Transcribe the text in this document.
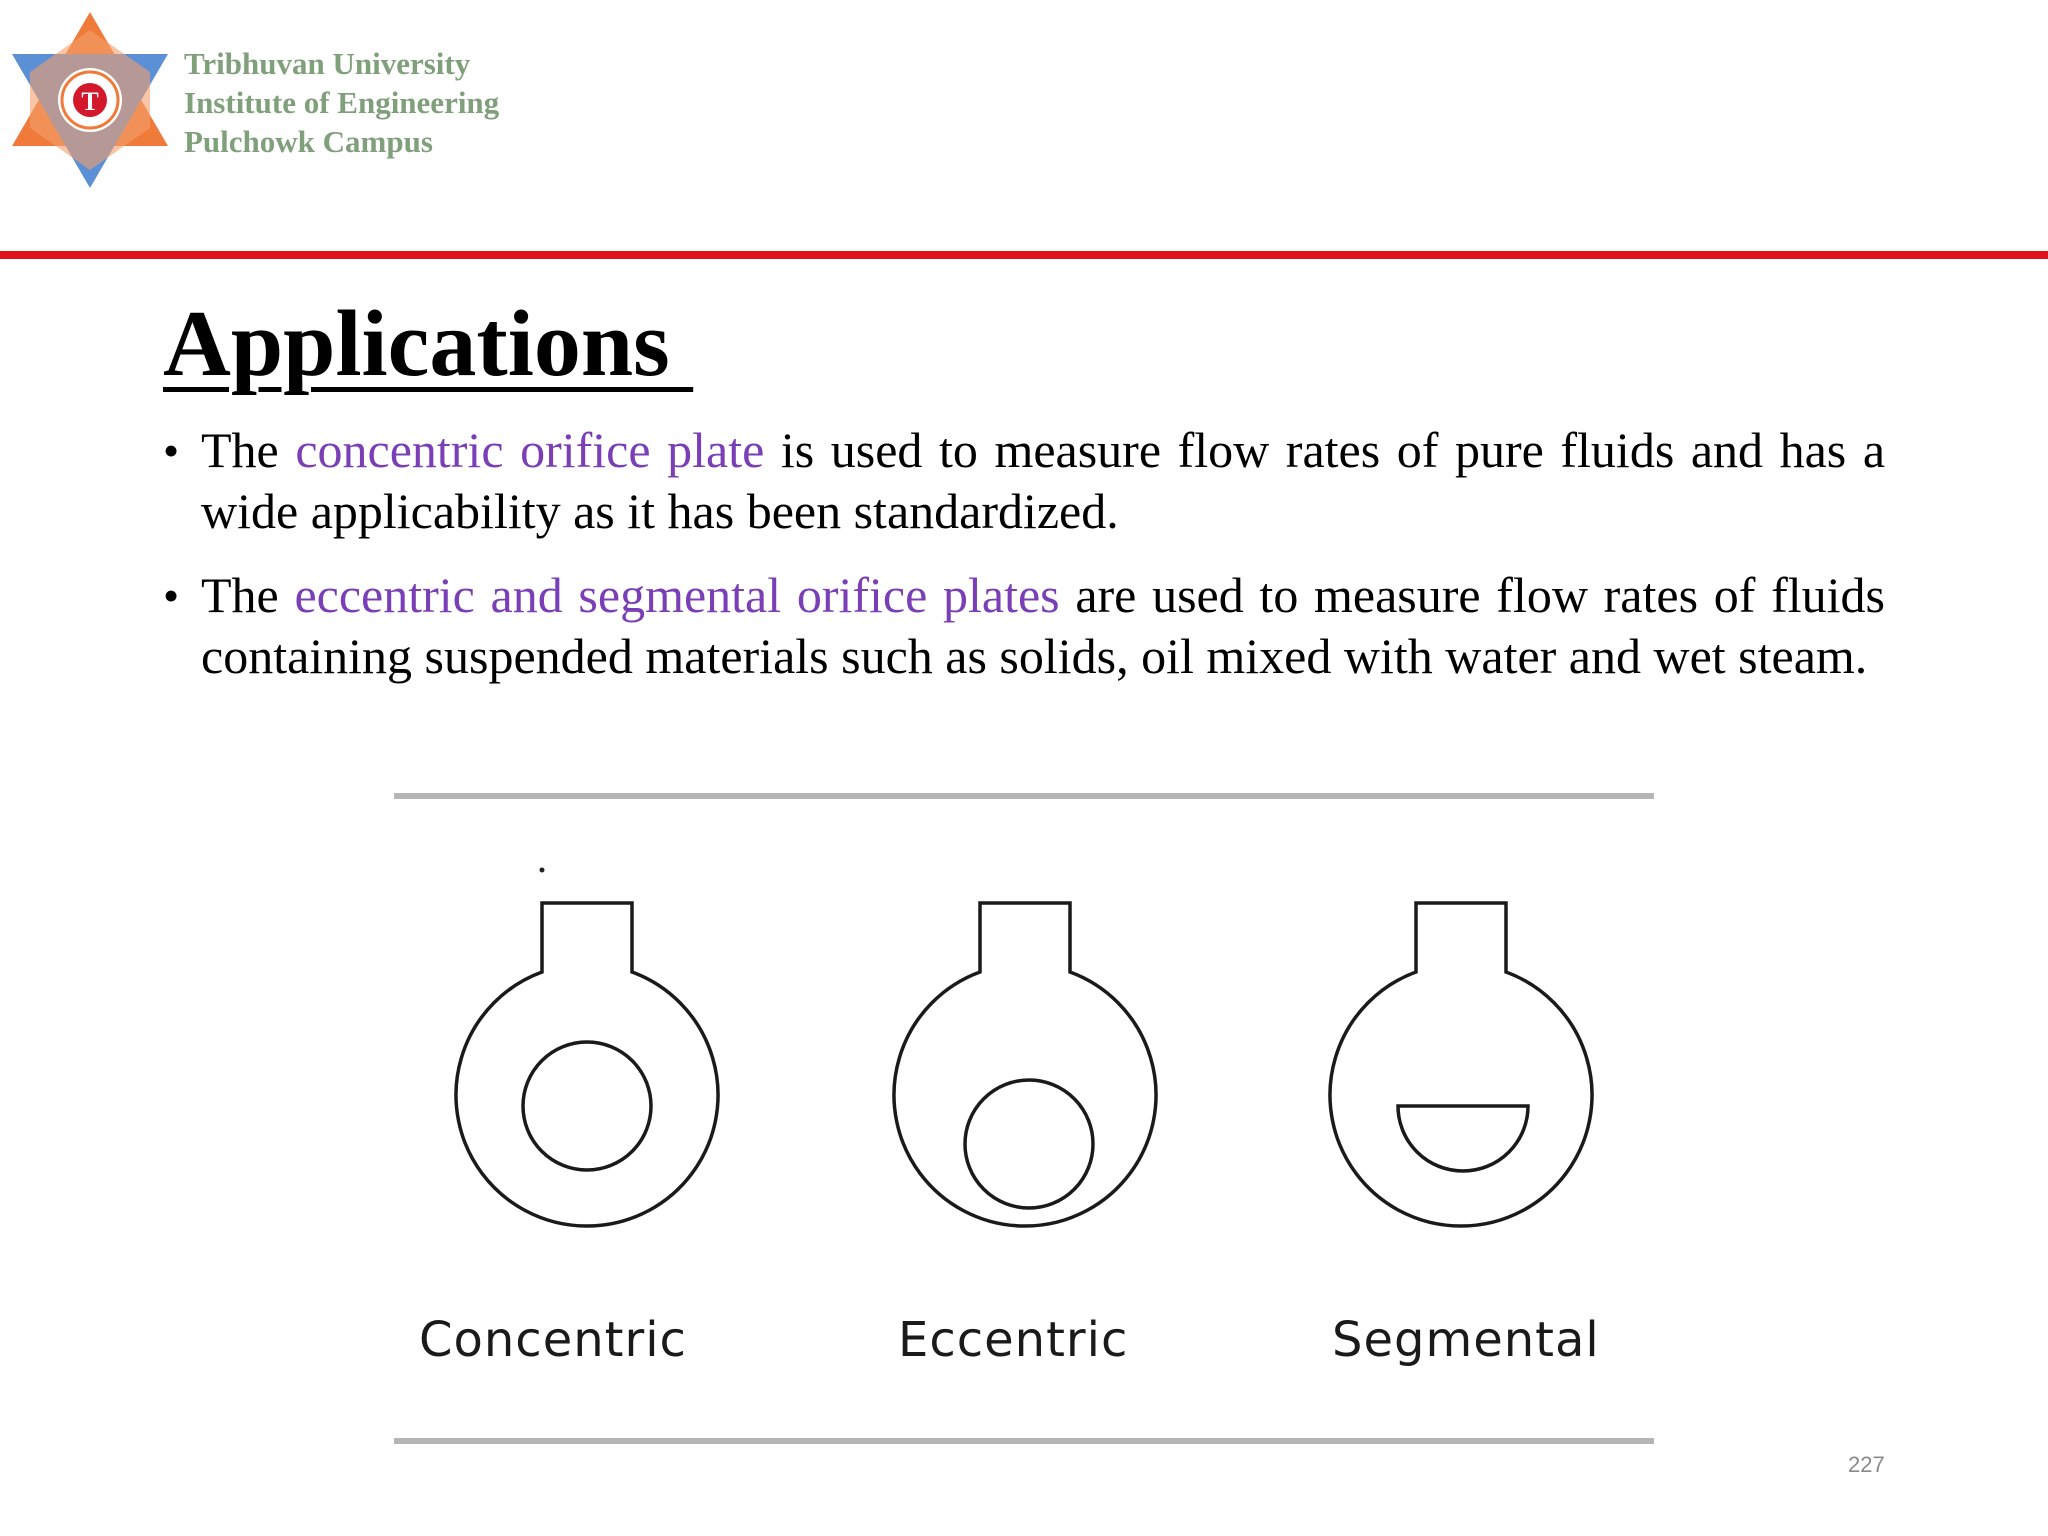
T
Tribhuvan University
Institute of Engineering
Pulchowk Campus
Applications
• The concentric orifice plate is used to measure flow rates of pure fluids and has a wide applicability as it has been standardized.
• The eccentric and segmental orifice plates are used to measure flow rates of fluids containing suspended materials such as solids, oil mixed with water and wet steam.
Concentric	Eccentric	Segmental
227
